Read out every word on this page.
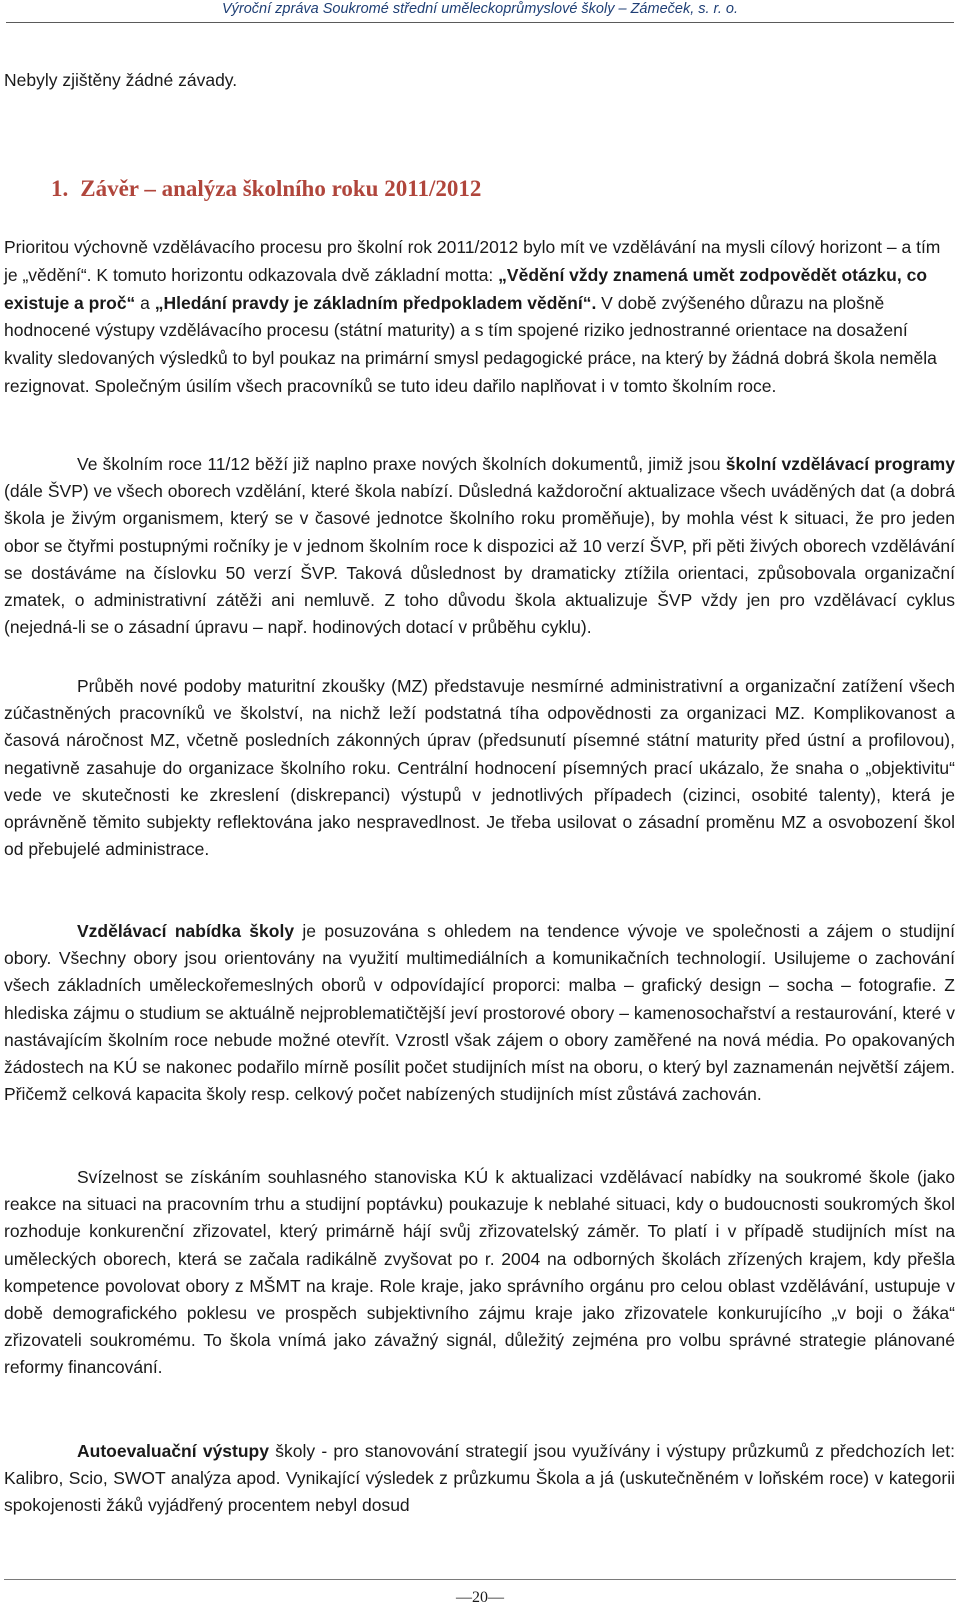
Výroční zpráva Soukromé střední uměleckoprůmyslové školy – Zámeček, s. r. o.

Nebyly zjištěny žádné závady.

1. Závěr – analýza školního roku 2011/2012

Prioritou výchovně vzdělávacího procesu pro školní rok 2011/2012 bylo mít ve vzdělávání na mysli cílový horizont – a tím je „vědění“. K tomuto horizontu odkazovala dvě základní motta: „Vědění vždy znamená umět zodpovědět otázku, co existuje a proč“ a „Hledání pravdy je základním předpokladem vědění“. V době zvýšeného důrazu na plošně hodnocené výstupy vzdělávacího procesu (státní maturity) a s tím spojené riziko jednostranné orientace na dosažení kvality sledovaných výsledků to byl poukaz na primární smysl pedagogické práce, na který by žádná dobrá škola neměla rezignovat. Společným úsilím všech pracovníků se tuto ideu dařilo naplňovat i v tomto školním roce.

Ve školním roce 11/12 běží již naplno praxe nových školních dokumentů, jimiž jsou školní vzdělávací programy (dále ŠVP) ve všech oborech vzdělání, které škola nabízí. Důsledná každoroční aktualizace všech uváděných dat (a dobrá škola je živým organismem, který se v časové jednotce školního roku proměňuje), by mohla vést k situaci, že pro jeden obor se čtyřmi postupnými ročníky je v jednom školním roce k dispozici až 10 verzí ŠVP, při pěti živých oborech vzdělávání se dostáváme na číslovku 50 verzí ŠVP. Taková důslednost by dramaticky ztížila orientaci, způsobovala organizační zmatek, o administrativní zátěži ani nemluvě. Z toho důvodu škola aktualizuje ŠVP vždy jen pro vzdělávací cyklus (nejedná-li se o zásadní úpravu – např. hodinových dotací v průběhu cyklu).

Průběh nové podoby maturitní zkoušky (MZ) představuje nesmírné administrativní a organizační zatížení všech zúčastněných pracovníků ve školství, na nichž leží podstatná tíha odpovědnosti za organizaci MZ. Komplikovanost a časová náročnost MZ, včetně posledních zákonných úprav (předsunutí písemné státní maturity před ústní a profilovou), negativně zasahuje do organizace školního roku. Centrální hodnocení písemných prací ukázalo, že snaha o „objektivitu“ vede ve skutečnosti ke zkreslení (diskrepanci) výstupů v jednotlivých případech (cizinci, osobité talenty), která je oprávněně těmito subjekty reflektována jako nespravedlnost. Je třeba usilovat o zásadní proměnu MZ a osvobození škol od přebujelé administrace.

Vzdělávací nabídka školy je posuzována s ohledem na tendence vývoje ve společnosti a zájem o studijní obory. Všechny obory jsou orientovány na využití multimediálních a komunikačních technologií. Usilujeme o zachování všech základních uměleckořemeslných oborů v odpovídající proporci: malba – grafický design – socha – fotografie. Z hlediska zájmu o studium se aktuálně nejproblematičtější jeví prostorové obory – kamenosochařství a restaurování, které v nastávajícím školním roce nebude možné otevřít. Vzrostl však zájem o obory zaměřené na nová média. Po opakovaných žádostech na KÚ se nakonec podařilo mírně posílit počet studijních míst na oboru, o který byl zaznamenán největší zájem. Přičemž celková kapacita školy resp. celkový počet nabízených studijních míst zůstává zachován.

Svízelnost se získáním souhlasného stanoviska KÚ k aktualizaci vzdělávací nabídky na soukromé škole (jako reakce na situaci na pracovním trhu a studijní poptávku) poukazuje k neblahé situaci, kdy o budoucnosti soukromých škol rozhoduje konkurenční zřizovatel, který primárně hájí svůj zřizovatelský záměr. To platí i v případě studijních míst na uměleckých oborech, která se začala radikálně zvyšovat po r. 2004 na odborných školách zřízených krajem, kdy přešla kompetence povolovat obory z MŠMT na kraje. Role kraje, jako správního orgánu pro celou oblast vzdělávání, ustupuje v době demografického poklesu ve prospěch subjektivního zájmu kraje jako zřizovatele konkurujícího „v boji o žáka“ zřizovateli soukromému. To škola vnímá jako závažný signál, důležitý zejména pro volbu správné strategie plánované reformy financování.

Autoevaluační výstupy školy - pro stanovování strategií jsou využívány i výstupy průzkumů z předchozích let: Kalibro, Scio, SWOT analýza apod. Vynikající výsledek z průzkumu Škola a já (uskutečněném v loňském roce) v kategorii spokojenosti žáků vyjádřený procentem nebyl dosud

—20—
